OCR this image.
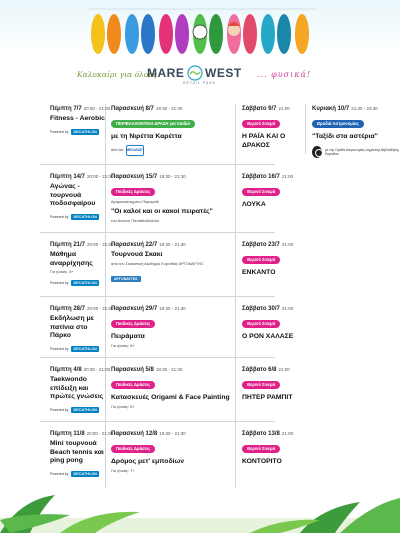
Καλοκαίρι για όλους
MARE WEST
RETAIL PARK
... φυσικά!
Πέμπτη 7/7 20:00 - 21:00
Fitness - Aerobic
Powered by	DECATHLON
Παρασκευή 8/7 19:30 - 21:30
ΠΕΡΙΒΑΛΛΟΝΤΙΚΗ ΔΡΑΣΗ για παιδιά
με τη Νιρέττα Καρέττα
από τον MEDASSET
Σάββατο 9/7 21:00
Θερινό Σινεμά
Η ΡΑΪΑ ΚΑΙ Ο ΔΡΑΚΟΣ
Κυριακή 10/7 21:30 - 23:30
Βραδιά Αστρονομίας
"Ταξίδι στα αστέρια"
με την Ομάδα Αστρονομίας Δημοτικής Βιβλιοθήκης Κορίνθου
Πέμπτη 14/7 20:00 - 21:00
Αγώνας - τουρνουά ποδοσφαίρου
Powered by	DECATHLON
Παρασκευή 15/7 19:30 - 21:30
Παιδικές Δράσεις
Δραματοποιημένο Παραμύθι
"Οι καλοί και οι κακοί πειρατές"
του Αντώνη Παπαθεοδούλου
Σάββατο 16/7 21:00
Θερινό Σινεμά
ΛΟΥΚΑ
Πέμπτη 21/7 20:00 - 21:00
Μάθημα αναρρίχησης
Για ηλικίες: 6+
Powered by	DECATHLON
Παρασκευή 22/7 19:30 - 21:30
Τουρνουά Σκακι
από τον Σκακιστική Ακαδημία Κορινθίας ΑΡΓΟΝΑΥΤΗΣ
ΑΡΓΟΝΑΥΤΗΣ
Σάββατο 23/7 21:00
Θερινό Σινεμά
ΕΝΚΑΝΤΟ
Πέμπτη 28/7 20:00 - 21:00
Εκδήλωση με πατίνια στο Πάρκο
Powered by	DECATHLON
Παρασκευή 29/7 19:30 - 21:30
Παιδικές Δράσεις
Πειράματα
Για ηλικίες: 6+
Σάββατο 30/7 21:00
Θερινό Σινεμά
Ο ΡΟΝ ΧΑΛΑΣΕ
Πέμπτη 4/8 20:00 - 21:00
Taekwondo επίδειξη και πρώτες γνώσεις
Powered by	DECATHLON
Παρασκευή 5/8 19:30 - 21:30
Παιδικές Δράσεις
Κατασκευές Origami & Face Painting
Για ηλικίες: 6+
Σάββατο 6/8 21:00
Θερινό Σινεμά
ΠΗΤΕΡ ΡΑΜΠΙΤ
Πέμπτη 11/8 20:00 - 21:00
Mini τουρνουά Beach tennis και ping pong
Powered by	DECATHLON
Παρασκευή 12/8 19:30 - 21:30
Παιδικές Δράσεις
Δρόμος μετ' εμποδίων
Για ηλικίες: 7+
Σάββατο 13/8 21:00
Θερινό Σινεμά
ΚΟΝΤΟΡΙΤΟ
